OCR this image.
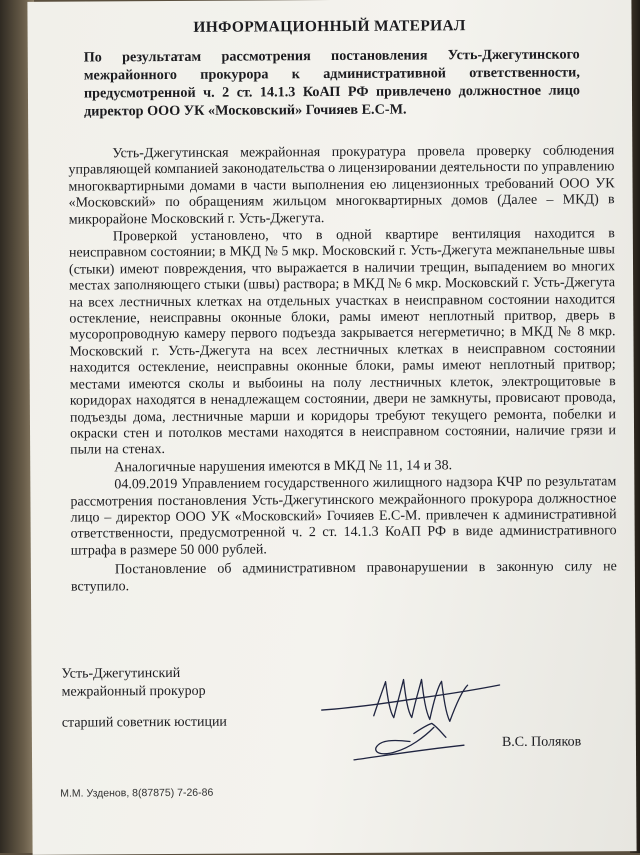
ИНФОРМАЦИОННЫЙ МАТЕРИАЛ
По результатам рассмотрения постановления Усть-Джегутинского межрайонного прокурора к административной ответственности, предусмотренной ч. 2 ст. 14.1.3 КоАП РФ привлечено должностное лицо директор ООО УК «Московский» Гочияев Е.С-М.

Усть-Джегутинская межрайонная прокуратура провела проверку соблюдения управляющей компанией законодательства о лицензировании деятельности по управлению многоквартирными домами в части выполнения ею лицензионных требований ООО УК «Московский» по обращениям жильцом многоквартирных домов (Далее – МКД) в микрорайоне Московский г. Усть-Джегута.

Проверкой установлено, что в одной квартире вентиляция находится в неисправном состоянии; в МКД № 5 мкр. Московский г. Усть-Джегута межпанельные швы (стыки) имеют повреждения, что выражается в наличии трещин, выпадением во многих местах заполняющего стыки (швы) раствора; в МКД № 6 мкр. Московский г. Усть-Джегута на всех лестничных клетках на отдельных участках в неисправном состоянии находится остекление, неисправны оконные блоки, рамы имеют неплотный притвор, дверь в мусоропроводную камеру первого подъезда закрывается негерметично; в МКД № 8 мкр. Московский г. Усть-Джегута на всех лестничных клетках в неисправном состоянии находится остекление, неисправны оконные блоки, рамы имеют неплотный притвор; местами имеются сколы и выбоины на полу лестничных клеток, электрощитовые в коридорах находятся в ненадлежащем состоянии, двери не замкнуты, провисают провода, подъезды дома, лестничные марши и коридоры требуют текущего ремонта, побелки и окраски стен и потолков местами находятся в неисправном состоянии, наличие грязи и пыли на стенах.

Аналогичные нарушения имеются в МКД № 11, 14 и 38.

04.09.2019 Управлением государственного жилищного надзора КЧР по результатам рассмотрения постановления Усть-Джегутинского межрайонного прокурора должностное лицо – директор ООО УК «Московский» Гочияев Е.С-М. привлечен к административной ответственности, предусмотренной ч. 2 ст. 14.1.3 КоАП РФ в виде административного штрафа в размере 50 000 рублей.

Постановление об административном правонарушении в законную силу не вступило.

Усть-Джегутинский
межрайонный прокурор
старший советник юстиции
В.С. Поляков
М.М. Узденов, 8(87875) 7-26-86
